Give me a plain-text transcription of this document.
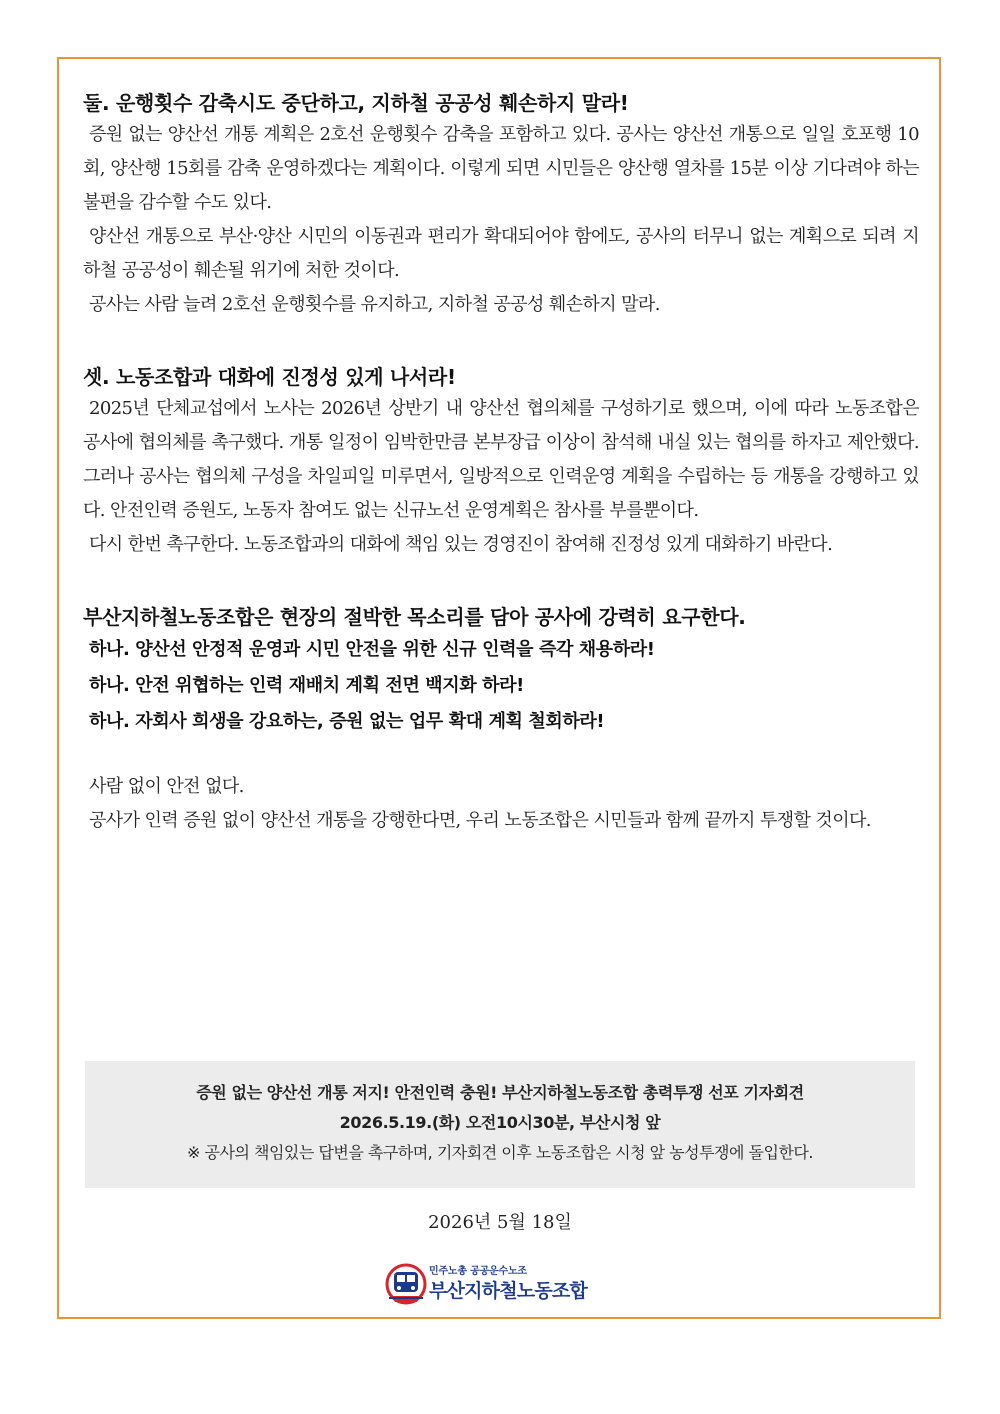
둘. 운행횟수 감축시도 중단하고, 지하철 공공성 훼손하지 말라!

증원 없는 양산선 개통 계획은 2호선 운행횟수 감축을 포함하고 있다. 공사는 양산선 개통으로 일일 호포행 10회, 양산행 15회를 감축 운영하겠다는 계획이다. 이렇게 되면 시민들은 양산행 열차를 15분 이상 기다려야 하는 불편을 감수할 수도 있다.

양산선 개통으로 부산·양산 시민의 이동권과 편리가 확대되어야 함에도, 공사의 터무니 없는 계획으로 되려 지하철 공공성이 훼손될 위기에 처한 것이다.

공사는 사람 늘려 2호선 운행횟수를 유지하고, 지하철 공공성 훼손하지 말라.

셋. 노동조합과 대화에 진정성 있게 나서라!

2025년 단체교섭에서 노사는 2026년 상반기 내 양산선 협의체를 구성하기로 했으며, 이에 따라 노동조합은 공사에 협의체를 촉구했다. 개통 일정이 임박한만큼 본부장급 이상이 참석해 내실 있는 협의를 하자고 제안했다. 그러나 공사는 협의체 구성을 차일피일 미루면서, 일방적으로 인력운영 계획을 수립하는 등 개통을 강행하고 있다. 안전인력 증원도, 노동자 참여도 없는 신규노선 운영계획은 참사를 부를뿐이다.

다시 한번 촉구한다. 노동조합과의 대화에 책임 있는 경영진이 참여해 진정성 있게 대화하기 바란다.

부산지하철노동조합은 현장의 절박한 목소리를 담아 공사에 강력히 요구한다.

하나. 양산선 안정적 운영과 시민 안전을 위한 신규 인력을 즉각 채용하라!

하나. 안전 위협하는 인력 재배치 계획 전면 백지화 하라!

하나. 자회사 희생을 강요하는, 증원 없는 업무 확대 계획 철회하라!

사람 없이 안전 없다.

공사가 인력 증원 없이 양산선 개통을 강행한다면, 우리 노동조합은 시민들과 함께 끝까지 투쟁할 것이다.

증원 없는 양산선 개통 저지! 안전인력 충원! 부산지하철노동조합 총력투쟁 선포 기자회견

2026.5.19.(화) 오전10시30분, 부산시청 앞

※ 공사의 책임있는 답변을 촉구하며, 기자회견 이후 노동조합은 시청 앞 농성투쟁에 돌입한다.

2026년 5월 18일
민주노총 공공운수노조
부산지하철노동조합
